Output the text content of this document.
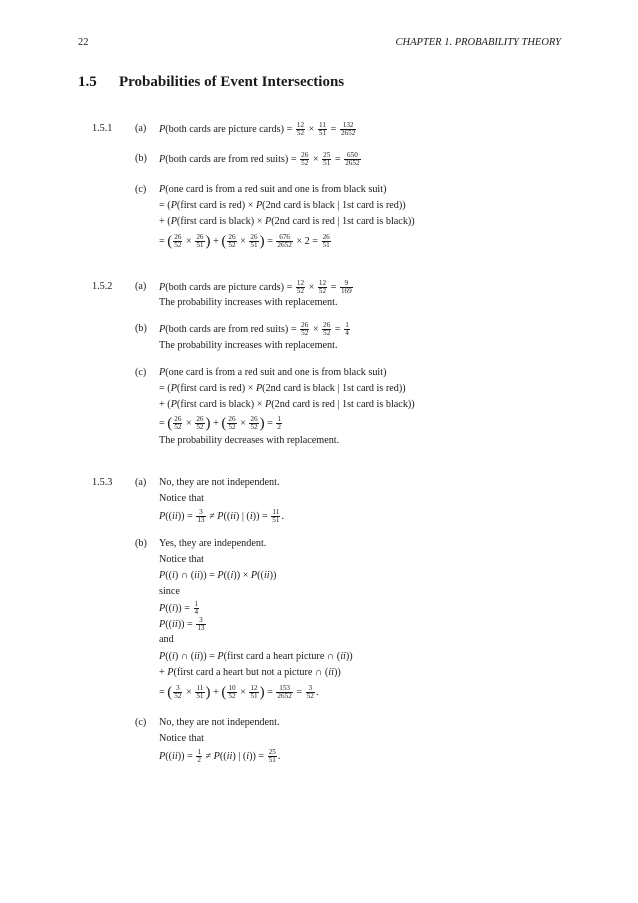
22	CHAPTER 1. PROBABILITY THEORY
1.5 Probabilities of Event Intersections
1.5.1 (a) P(both cards are picture cards) = $\frac{12}{52} \times \frac{11}{51} = \frac{132}{2652}$
(b) P(both cards are from red suits) = $\frac{26}{52} \times \frac{25}{51} = \frac{650}{2652}$
(c) P(one card is from a red suit and one is from black suit)
= (P(first card is red) × P(2nd card is black | 1st card is red))
+ (P(first card is black) × P(2nd card is red | 1st card is black))
= ( $\frac{26}{52} \times \frac{26}{51}$ ) + ( $\frac{26}{52} \times \frac{26}{51}$ ) = $\frac{676}{2652} \times 2 = \frac{26}{51}$
1.5.2 (a) P(both cards are picture cards) = $\frac{12}{52} \times \frac{12}{52} = \frac{9}{169}$
The probability increases with replacement.
(b) P(both cards are from red suits) = $\frac{26}{52} \times \frac{26}{52} = \frac{1}{4}$
The probability increases with replacement.
(c) P(one card is from a red suit and one is from black suit)
= (P(first card is red) × P(2nd card is black | 1st card is red))
+ (P(first card is black) × P(2nd card is red | 1st card is black))
= ( $\frac{26}{52} \times \frac{26}{52}$ ) + ( $\frac{26}{52} \times \frac{26}{52}$ ) = $\frac{1}{2}$
The probability decreases with replacement.
1.5.3 (a) No, they are not independent.
Notice that
$P((ii)) = \frac{3}{13} \ne P((ii)$ | $(i)) = \frac{11}{51}$ .
(b) Yes, they are independent.
Notice that
P((i) ∩ (ii)) = P((i)) × P((ii))
since
$P((i)) = \frac{1}{4}$
$P((ii)) = \frac{3}{13}$
and
P((i) ∩ (ii)) = P(first card a heart picture ∩ (ii))
+ P(first card a heart but not a picture ∩ (ii))
= ( $\frac{3}{52} \times \frac{11}{51}$ ) + ( $\frac{10}{52} \times \frac{12}{51}$ ) = $\frac{153}{2652} = \frac{3}{52}$ .
(c) No, they are not independent.
Notice that
$P((ii)) = \frac{1}{2} \ne P((ii)$ | $(i)) = \frac{25}{51}$ .
